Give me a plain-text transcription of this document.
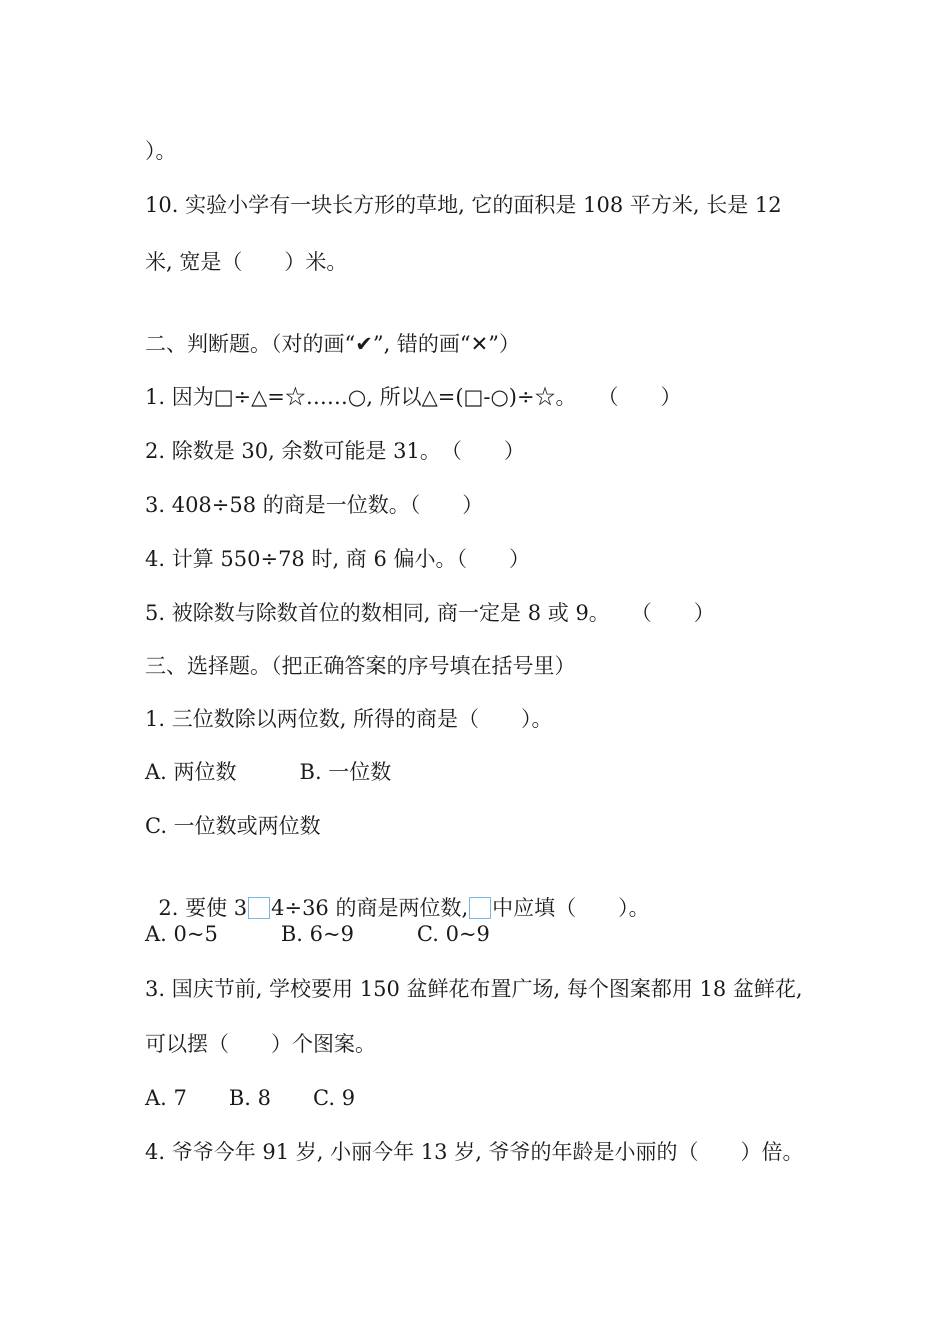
）。
10. 实验小学有一块长方形的草地, 它的面积是 108 平方米, 长是 12
米, 宽是（　　）米。
二、判断题。（对的画“✔”, 错的画“✕”）
1. 因为□÷△=☆……○, 所以△=(□-○)÷☆。　　（　　）
2. 除数是 30, 余数可能是 31。　（　　）
3. 408÷58 的商是一位数。（　　）
4. 计算 550÷78 时, 商 6 偏小。（　　）
5. 被除数与除数首位的数相同, 商一定是 8 或 9。　　（　　）
三、选择题。（把正确答案的序号填在括号里）
1. 三位数除以两位数, 所得的商是（　　）。
A. 两位数　　　B. 一位数
C. 一位数或两位数

2. 要使 3 4÷36 的商是两位数, 中应填（　　）。

A. 0~5　　　B. 6~9　　　C. 0~9
3. 国庆节前, 学校要用 150 盆鲜花布置广场, 每个图案都用 18 盆鲜花,
可以摆（　　）个图案。
A. 7　　B. 8　　C. 9
4. 爷爷今年 91 岁, 小丽今年 13 岁, 爷爷的年龄是小丽的（　　）倍。
